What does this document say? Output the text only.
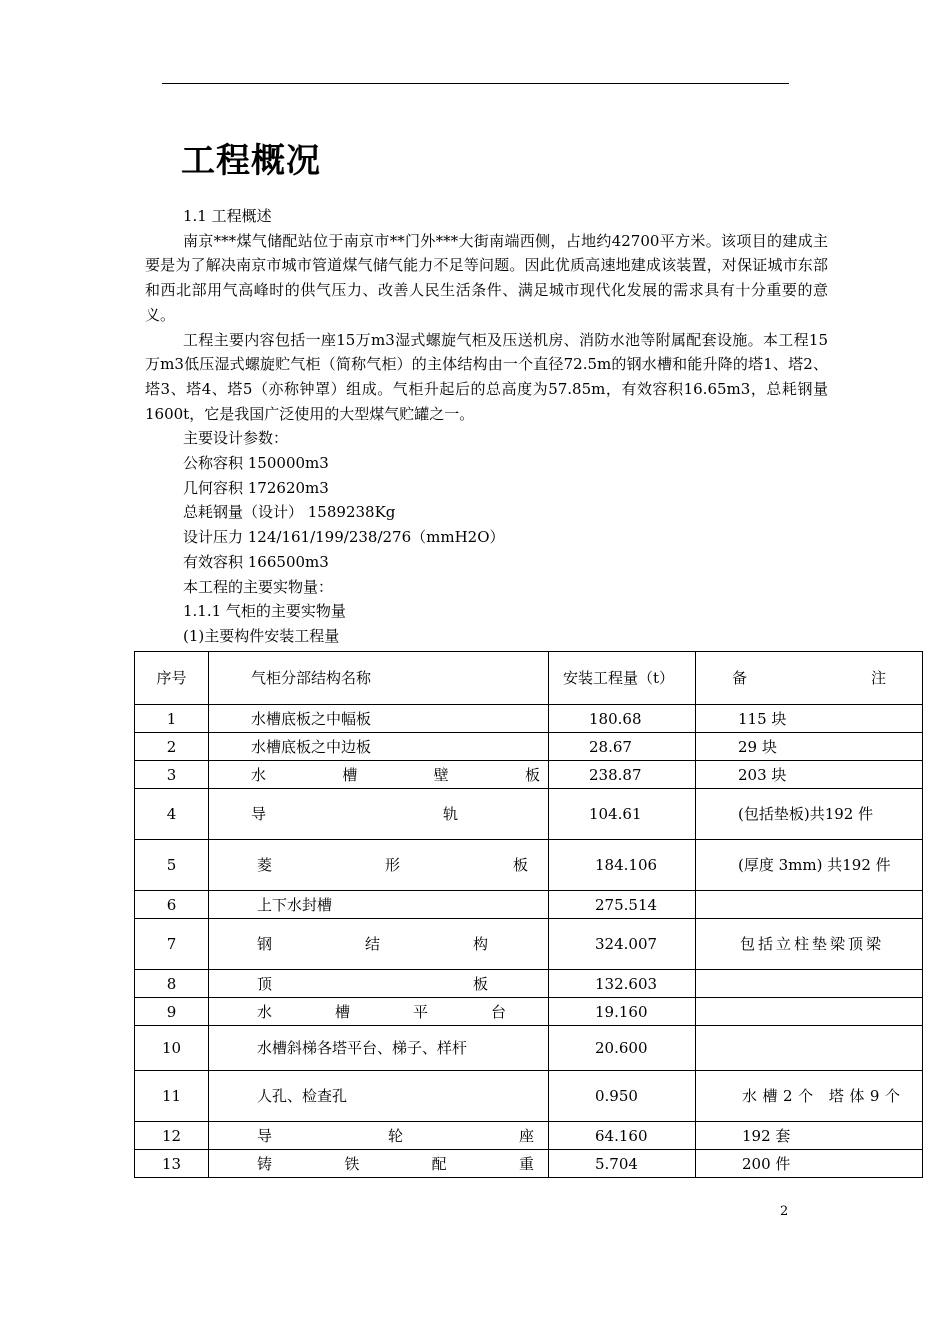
工程概况

1.1 工程概述

南京***煤气储配站位于南京市**门外***大街南端西侧，占地约42700平方米。该项目的建成主要是为了解决南京市城市管道煤气储气能力不足等问题。因此优质高速地建成该装置，对保证城市东部和西北部用气高峰时的供气压力、改善人民生活条件、满足城市现代化发展的需求具有十分重要的意义。

工程主要内容包括一座15万m3湿式螺旋气柜及压送机房、消防水池等附属配套设施。本工程15万m3低压湿式螺旋贮气柜（简称气柜）的主体结构由一个直径72.5m的钢水槽和能升降的塔1、塔2、塔3、塔4、塔5（亦称钟罩）组成。气柜升起后的总高度为57.85m，有效容积16.65m3，总耗钢量1600t，它是我国广泛使用的大型煤气贮罐之一。

主要设计参数：

公称容积 150000m3

几何容积 172620m3

总耗钢量（设计） 1589238Kg

设计压力 124/161/199/238/276（mmH2O）

有效容积 166500m3

本工程的主要实物量：

1.1.1 气柜的主要实物量

(1)主要构件安装工程量

序号	气柜分部结构名称	安装工程量（t）	备注

1	水槽底板之中幅板	180.68	115 块
2	水槽底板之中边板	28.67	29 块
3	水槽壁板	238.87	203 块
4	导轨	104.61	(包括垫板)共192 件
5	菱形板	184.106	(厚度 3mm) 共192 件
6	上下水封槽	275.514	
7	钢结构	324.007	包括立柱垫梁顶梁
8	顶板	132.603	
9	水槽平台	19.160	
10	水槽斜梯各塔平台、梯子、样杆	20.600	
11	人孔、检查孔	0.950	水槽2个 塔体9个

12	导轮座	64.160	192 套
13	铸铁配重	5.704	200 件
2
